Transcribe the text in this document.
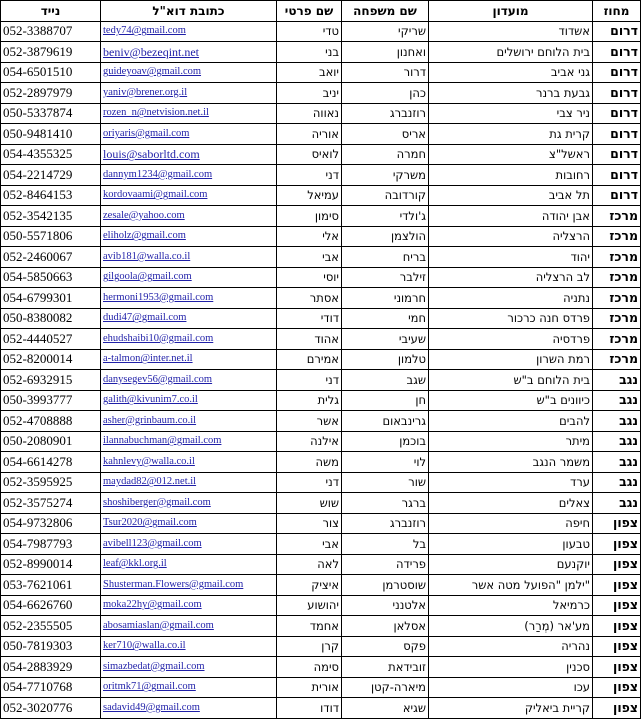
נייד	כתובת דוא"ל	שם פרטי	שם משפחה	מועדון	מחוז
052-3388707	tedy74@gmail.com	טדי	שריקי	אשדוד	דרום
052-3879619	beniv@bezeqint.net	בני	ואחנון	בית הלוחם ירושלים	דרום
054-6501510	guideyoav@gmail.com	יואב	דרור	גני אביב	דרום
052-2897979	yaniv@brener.org.il	יניב	כהן	גבעת ברנר	דרום
050-5337874	rozen_n@netvision.net.il	נאווה	רוזנברג	ניר צבי	דרום
050-9481410	oriyaris@gmail.com	אוריה	אריס	קרית גת	דרום
054-4355325	louis@saborltd.com	לואיס	חמרה	ראשל"צ	דרום
054-2214729	dannym1234@gmail.com	דני	משרקי	רחובות	דרום
052-8464153	kordovaami@gmail.com	עמיאל	קורדובה	תל אביב	דרום
052-3542135	zesale@yahoo.com	סימון	ג'ולדי	אבן יהודה	מרכז
050-5571806	eliholz@gmail.com	אלי	הולצמן	הרצליה	מרכז
052-2460067	avib181@walla.co.il	אבי	בריח	יהוד	מרכז
054-5850663	gilgoola@gmail.com	יוסי	זילבר	לב הרצליה	מרכז
054-6799301	hermoni1953@gmail.com	אסתר	חרמוני	נתניה	מרכז
050-8380082	dudi47@gmail.com	דודי	חמי	פרדס חנה כרכור	מרכז
052-4440527	ehudshaibi10@gmail.com	אהוד	שעיבי	פרדסיה	מרכז
052-8200014	a-talmon@inter.net.il	אמירם	טלמון	רמת השרון	מרכז
052-6932915	danysegev56@gmail.com	דני	שגב	בית הלוחם ב"ש	נגב
050-3993777	galith@kivunim7.co.il	גלית	חן	כיוונים ב"ש	נגב
052-4708888	asher@grinbaum.co.il	אשר	גרינבאום	להבים	נגב
050-2080901	ilannabuchman@gmail.com	אילנה	בוכמן	מיתר	נגב
054-6614278	kahnlevy@walla.co.il	משה	לוי	משמר הנגב	נגב
052-3595925	maydad82@012.net.il	דני	שור	ערד	נגב
052-3575274	shoshiberger@gmail.com	שוש	ברגר	צאלים	נגב
054-9732806	Tsur2020@gmail.com	צור	רוזנברג	חיפה	צפון
054-7987793	avibell123@gmail.com	אבי	בל	טבעון	צפון
052-8990014	leaf@kkl.org.il	לאה	פרידה	יוקנעם	צפון
053-7621061	Shusterman.Flowers@gmail.com	איציק	שוסטרמן	"ילמן "הפועל מטה אשר	צפון
054-6626760	moka22hy@gmail.com	יהושוע	אלטנני	כרמיאל	צפון
052-2355505	abosamiaslan@gmail.com	אחמד	אסלאן	מע'אר (מְרַר)	צפון
050-7819303	ker710@walla.co.il	קרן	פקס	נהריה	צפון
054-2883929	simazbedat@gmail.com	סימה	זובידאת	סכנין	צפון
054-7710768	oritmk71@gmail.com	אורית	מיארה-קטן	עכו	צפון
052-3020776	sadavid49@gmail.com	דודו	שגיא	קריית ביאליק	צפון
